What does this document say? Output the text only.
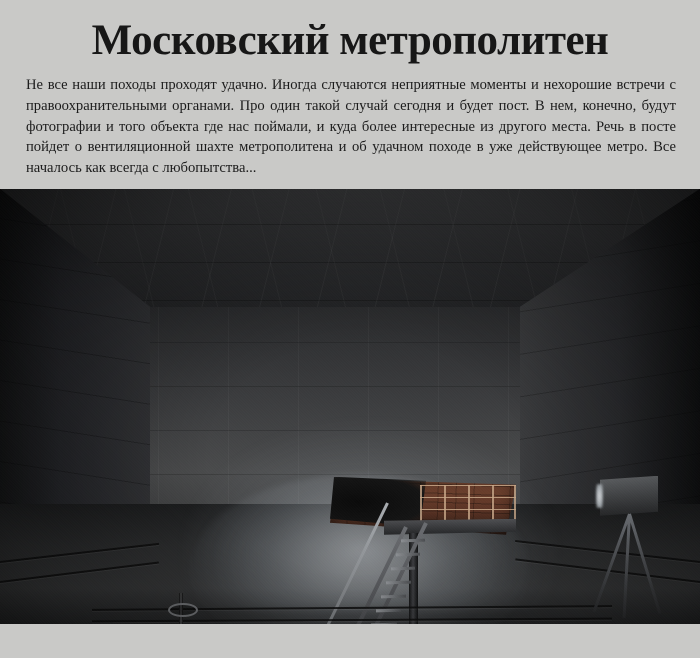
Московский метрополитен

Не все наши походы проходят удачно. Иногда случаются неприятные моменты и нехорошие встречи с правоохранительными органами. Про один такой случай сегодня и будет пост. В нем, конечно, будут фотографии и того объекта где нас поймали, и куда более интересные из другого места. Речь в посте пойдет о вентиляционной шахте метрополитена и об удачном походе в уже действующее метро. Все началось как всегда с любопытства...
